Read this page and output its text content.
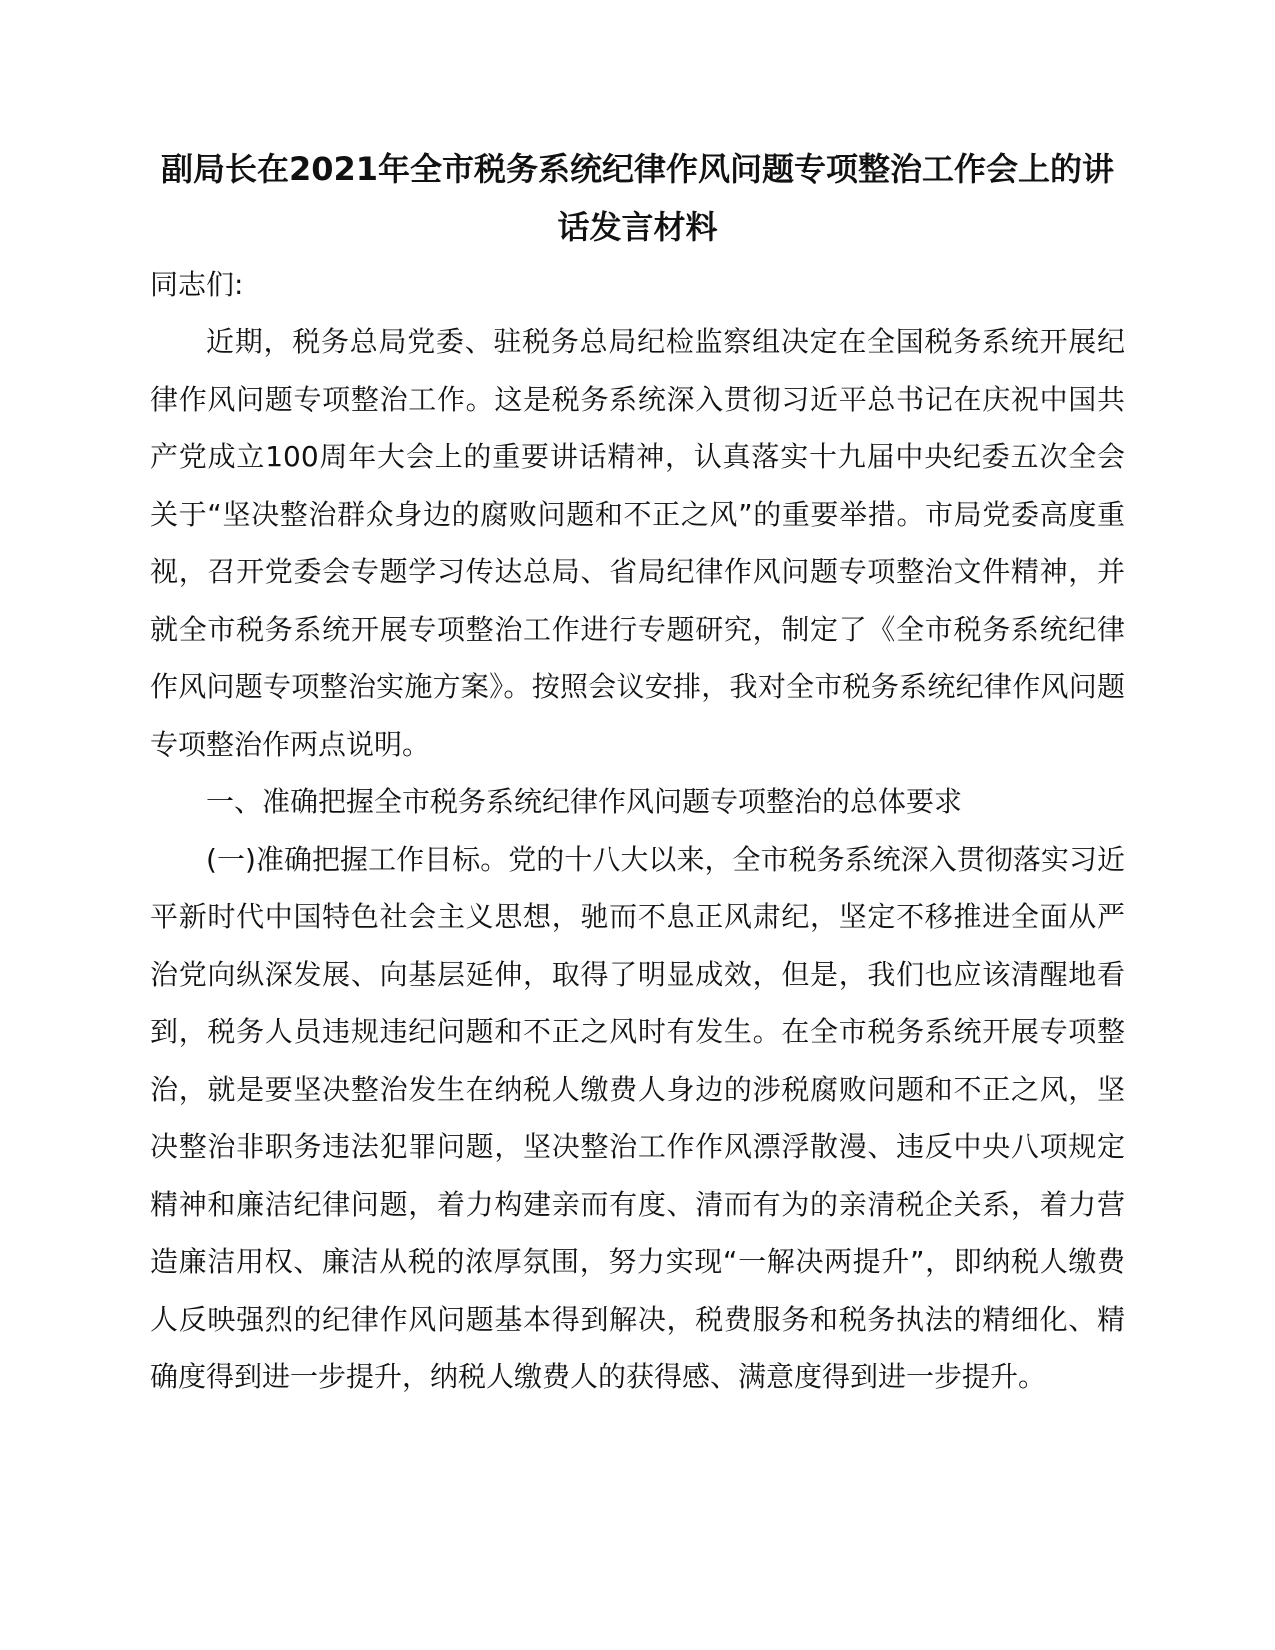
副局长在2021年全市税务系统纪律作风问题专项整治工作会上的讲话发言材料

同志们:

近期，税务总局党委、驻税务总局纪检监察组决定在全国税务系统开展纪律作风问题专项整治工作。这是税务系统深入贯彻习近平总书记在庆祝中国共产党成立100周年大会上的重要讲话精神，认真落实十九届中央纪委五次全会关于“坚决整治群众身边的腐败问题和不正之风”的重要举措。市局党委高度重视，召开党委会专题学习传达总局、省局纪律作风问题专项整治文件精神，并就全市税务系统开展专项整治工作进行专题研究，制定了《全市税务系统纪律作风问题专项整治实施方案》。按照会议安排，我对全市税务系统纪律作风问题专项整治作两点说明。

一、准确把握全市税务系统纪律作风问题专项整治的总体要求

(一)准确把握工作目标。党的十八大以来，全市税务系统深入贯彻落实习近平新时代中国特色社会主义思想，驰而不息正风肃纪，坚定不移推进全面从严治党向纵深发展、向基层延伸，取得了明显成效，但是，我们也应该清醒地看到，税务人员违规违纪问题和不正之风时有发生。在全市税务系统开展专项整治，就是要坚决整治发生在纳税人缴费人身边的涉税腐败问题和不正之风，坚决整治非职务违法犯罪问题，坚决整治工作作风漂浮散漫、违反中央八项规定精神和廉洁纪律问题，着力构建亲而有度、清而有为的亲清税企关系，着力营造廉洁用权、廉洁从税的浓厚氛围，努力实现“一解决两提升”，即纳税人缴费人反映强烈的纪律作风问题基本得到解决，税费服务和税务执法的精细化、精确度得到进一步提升，纳税人缴费人的获得感、满意度得到进一步提升。
